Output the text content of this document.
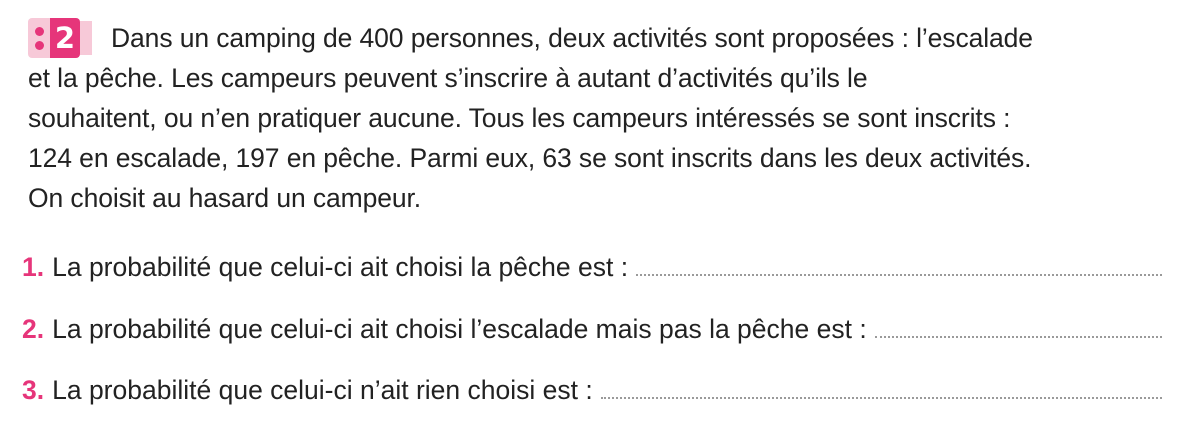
2	Dans un camping de 400 personnes, deux activités sont proposées : l’escalade
et la pêche. Les campeurs peuvent s’inscrire à autant d’activités qu’ils le
souhaitent, ou n’en pratiquer aucune. Tous les campeurs intéressés se sont inscrits :
124 en escalade, 197 en pêche. Parmi eux, 63 se sont inscrits dans les deux activités.
On choisit au hasard un campeur.

1. La probabilité que celui-ci ait choisi la pêche est :
2. La probabilité que celui-ci ait choisi l’escalade mais pas la pêche est :
3. La probabilité que celui-ci n’ait rien choisi est :
